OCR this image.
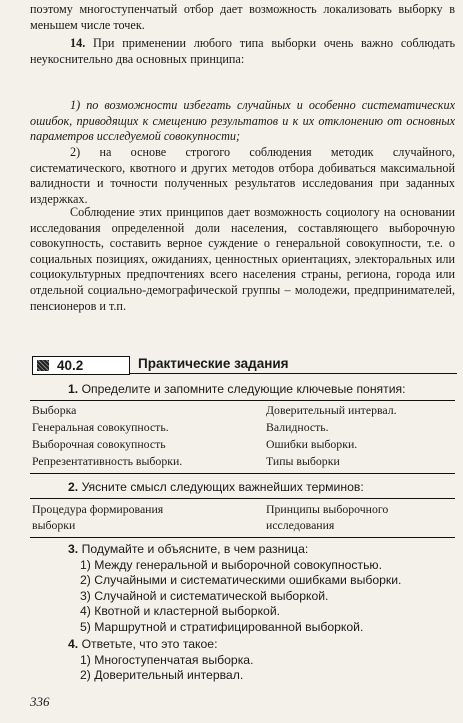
поэтому многоступенчатый отбор дает возможность локализовать выборку в меньшем числе точек.
14. При применении любого типа выборки очень важно соблюдать неукоснительно два основных принципа:
1) по возможности избегать случайных и особенно систематических ошибок, приводящих к смещению результатов и к их отклонению от основных параметров исследуемой совокупности;
2) на основе строгого соблюдения методик случайного, систематического, квотного и других методов отбора добиваться максимальной валидности и точности полученных результатов исследования при заданных издержках.
Соблюдение этих принципов дает возможность социологу на основании исследования определенной доли населения, составляющего выборочную совокупность, составить верное суждение о генеральной совокупности, т.е. о социальных позициях, ожиданиях, ценностных ориентациях, электоральных или социокультурных предпочтениях всего населения страны, региона, города или отдельной социально-демографической группы – молодежи, предпринимателей, пенсионеров и т.п.
40.2	Практические задания
1. Определите и запомните следующие ключевые понятия:
Выборка
Генеральная совокупность.
Выборочная совокупность
Репрезентативность выборки.
Доверительный интервал.
Валидность.
Ошибки выборки.
Типы выборки
2. Уясните смысл следующих важнейших терминов:
Процедура формирования
выборки
Принципы выборочного
исследования
3. Подумайте и объясните, в чем разница:
1) Между генеральной и выборочной совокупностью.
2) Случайными и систематическими ошибками выборки.
3) Случайной и систематической выборкой.
4) Квотной и кластерной выборкой.
5) Маршрутной и стратифицированной выборкой.
4. Ответьте, что это такое:
1) Многоступенчатая выборка.
2) Доверительный интервал.
336
